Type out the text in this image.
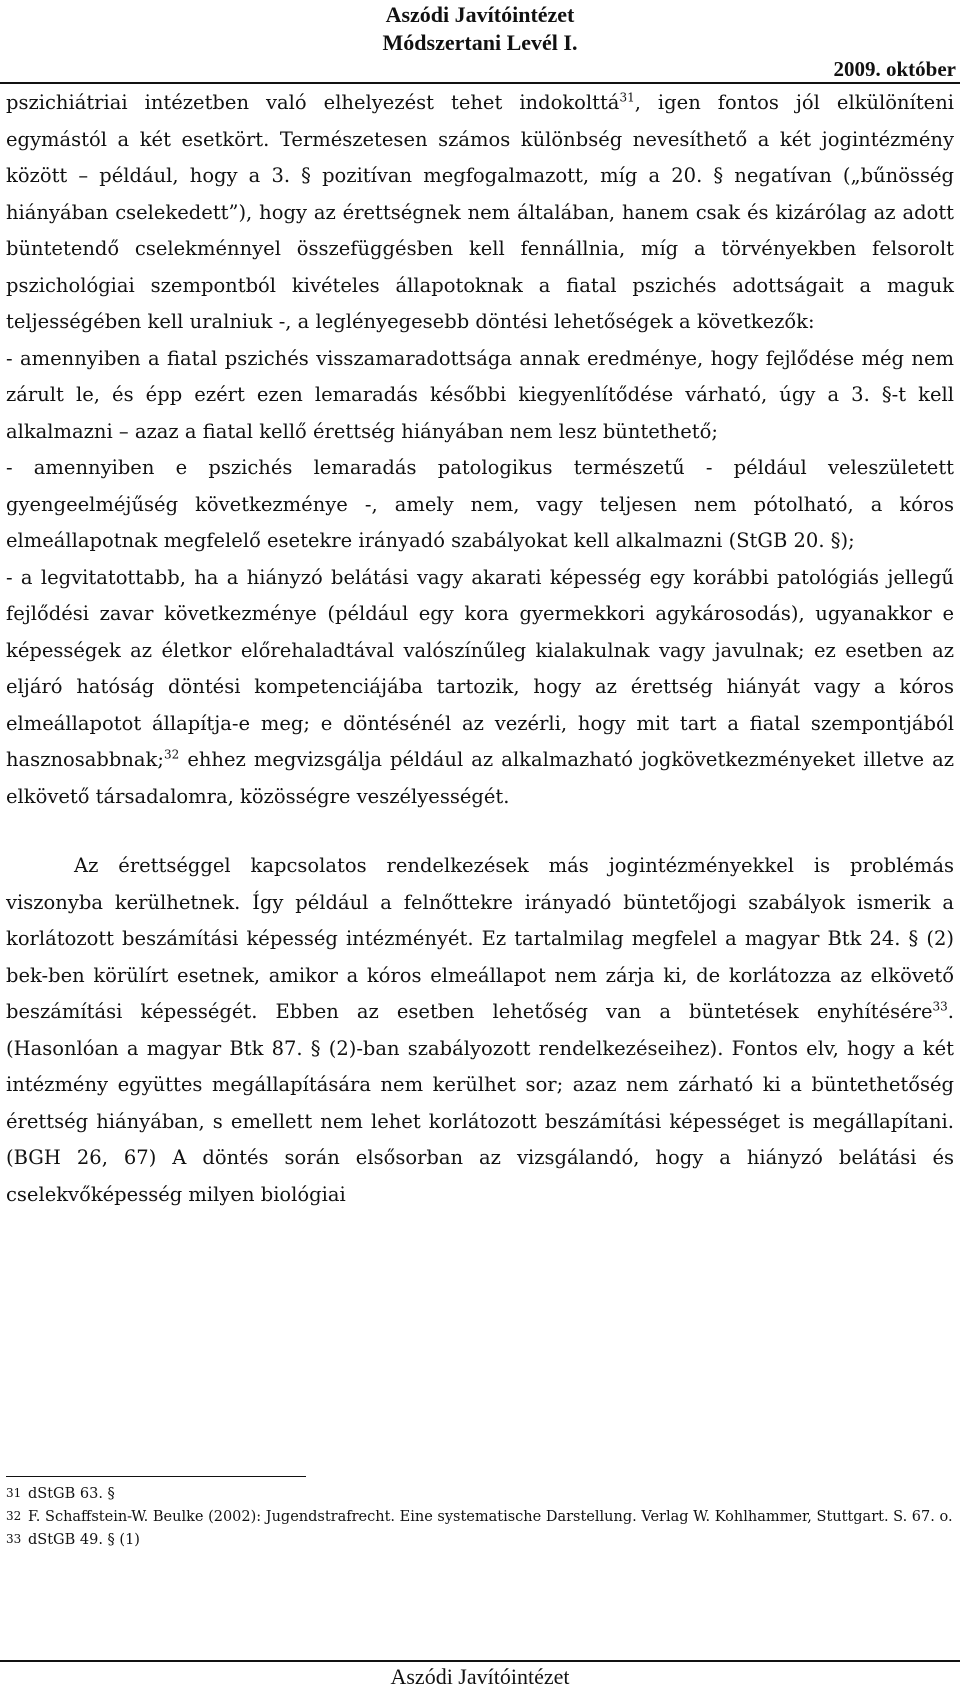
Aszódi Javítóintézet
Módszertani Levél I.
2009. október

pszichiátriai intézetben való elhelyezést tehet indokolttá$^{31}$, igen fontos jól elkülöníteni egymástól a két esetkört. Természetesen számos különbség nevesíthető a két jogintézmény között – például, hogy a 3. § pozitívan megfogalmazott, míg a 20. § negatívan („bűnösség hiányában cselekedett”), hogy az érettségnek nem általában, hanem csak és kizárólag az adott büntetendő cselekménnyel összefüggésben kell fennállnia, míg a törvényekben felsorolt pszichológiai szempontból kivételes állapotoknak a fiatal pszichés adottságait a maguk teljességében kell uralniuk -, a leglényegesebb döntési lehetőségek a következők:

- amennyiben a fiatal pszichés visszamaradottsága annak eredménye, hogy fejlődése még nem zárult le, és épp ezért ezen lemaradás későbbi kiegyenlítődése várható, úgy a 3. §-t kell alkalmazni – azaz a fiatal kellő érettség hiányában nem lesz büntethető;

- amennyiben e pszichés lemaradás patologikus természetű - például veleszületett gyengeelméjűség következménye -, amely nem, vagy teljesen nem pótolható, a kóros elmeállapotnak megfelelő esetekre irányadó szabályokat kell alkalmazni (StGB 20. §);

- a legvitatottabb, ha a hiányzó belátási vagy akarati képesség egy korábbi patológiás jellegű fejlődési zavar következménye (például egy kora gyermekkori agykárosodás), ugyanakkor e képességek az életkor előrehaladtával valószínűleg kialakulnak vagy javulnak; ez esetben az eljáró hatóság döntési kompetenciájába tartozik, hogy az érettség hiányát vagy a kóros elmeállapotot állapítja-e meg; e döntésénél az vezérli, hogy mit tart a fiatal szempontjából hasznosabbnak;$^{32}$ ehhez megvizsgálja például az alkalmazható jogkövetkezményeket illetve az elkövető társadalomra, közösségre veszélyességét.

Az érettséggel kapcsolatos rendelkezések más jogintézményekkel is problémás viszonyba kerülhetnek. Így például a felnőttekre irányadó büntetőjogi szabályok ismerik a korlátozott beszámítási képesség intézményét. Ez tartalmilag megfelel a magyar Btk 24. § (2) bek-ben körülírt esetnek, amikor a kóros elmeállapot nem zárja ki, de korlátozza az elkövető beszámítási képességét. Ebben az esetben lehetőség van a büntetések enyhítésére$^{33}$. (Hasonlóan a magyar Btk 87. § (2)-ban szabályozott rendelkezéseihez). Fontos elv, hogy a két intézmény együttes megállapítására nem kerülhet sor; azaz nem zárható ki a büntethetőség érettség hiányában, s emellett nem lehet korlátozott beszámítási képességet is megállapítani. (BGH 26, 67) A döntés során elsősorban az vizsgálandó, hogy a hiányzó belátási és cselekvőképesség milyen biológiai

31 dStGB 63. §

32 F. Schaffstein-W. Beulke (2002): Jugendstrafrecht. Eine systematische Darstellung. Verlag W. Kohlhammer, Stuttgart. S. 67. o.

33 dStGB 49. § (1)

Aszódi Javítóintézet
